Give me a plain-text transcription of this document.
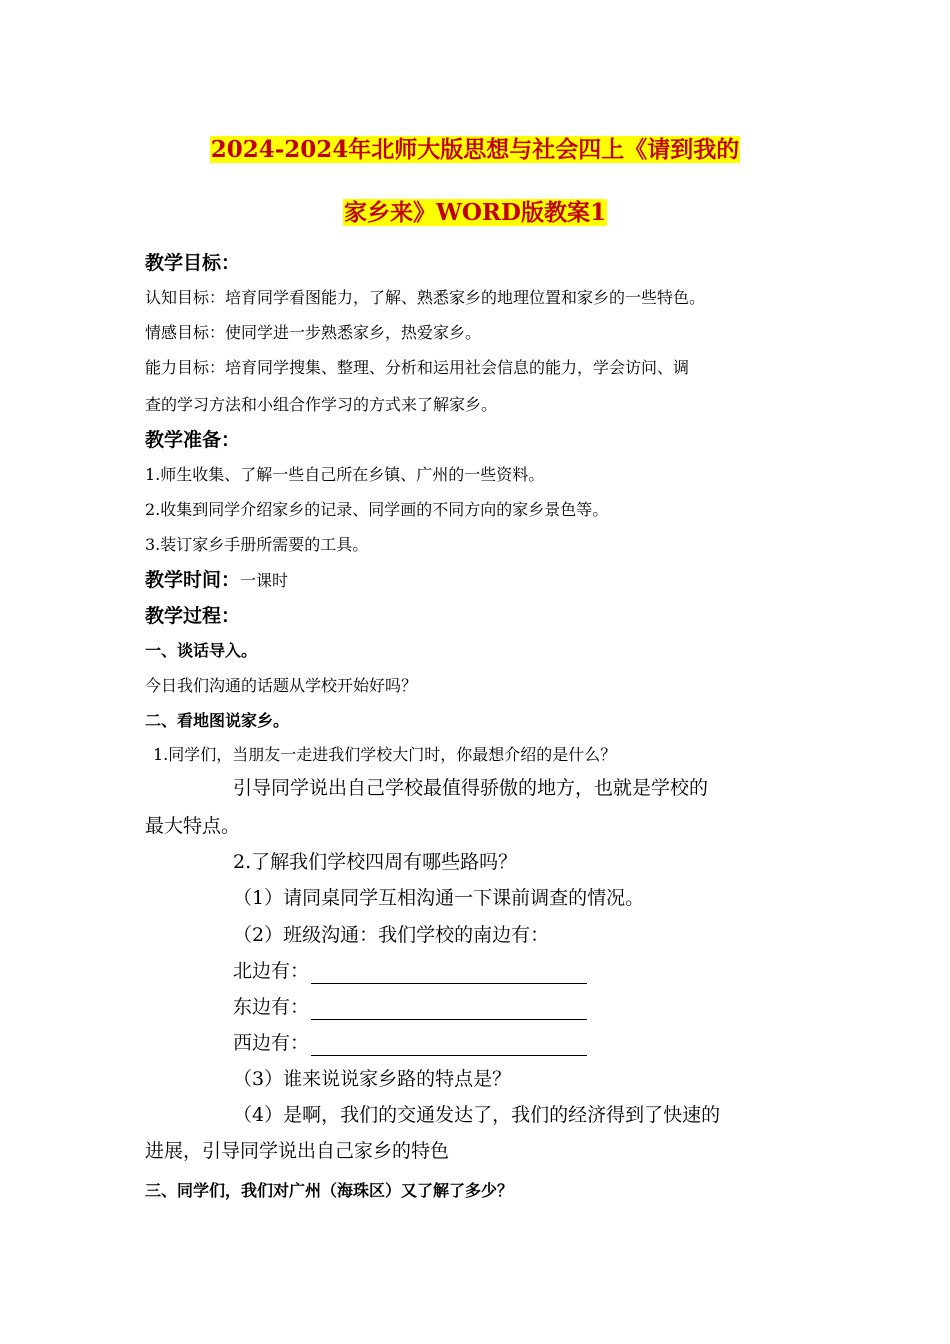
2024-2024年北师大版思想与社会四上《请到我的
家乡来》WORD版教案1
教学目标：
认知目标：培育同学看图能力，了解、熟悉家乡的地理位置和家乡的一些特色。
情感目标：使同学进一步熟悉家乡，热爱家乡。
能力目标：培育同学搜集、整理、分析和运用社会信息的能力，学会访问、调
查的学习方法和小组合作学习的方式来了解家乡。
教学准备：
1.师生收集、了解一些自己所在乡镇、广州的一些资料。
2.收集到同学介绍家乡的记录、同学画的不同方向的家乡景色等。
3.装订家乡手册所需要的工具。
教学时间：一课时
教学过程：
一、谈话导入。
今日我们沟通的话题从学校开始好吗？
二、看地图说家乡。
1.同学们，当朋友一走进我们学校大门时，你最想介绍的是什么？
引导同学说出自己学校最值得骄傲的地方，也就是学校的
最大特点。
2.了解我们学校四周有哪些路吗？
（1）请同桌同学互相沟通一下课前调查的情况。
（2）班级沟通：我们学校的南边有：
北边有：
东边有：
西边有：
（3）谁来说说家乡路的特点是？
（4）是啊，我们的交通发达了，我们的经济得到了快速的
进展，引导同学说出自己家乡的特色
三、同学们，我们对广州（海珠区）又了解了多少？
